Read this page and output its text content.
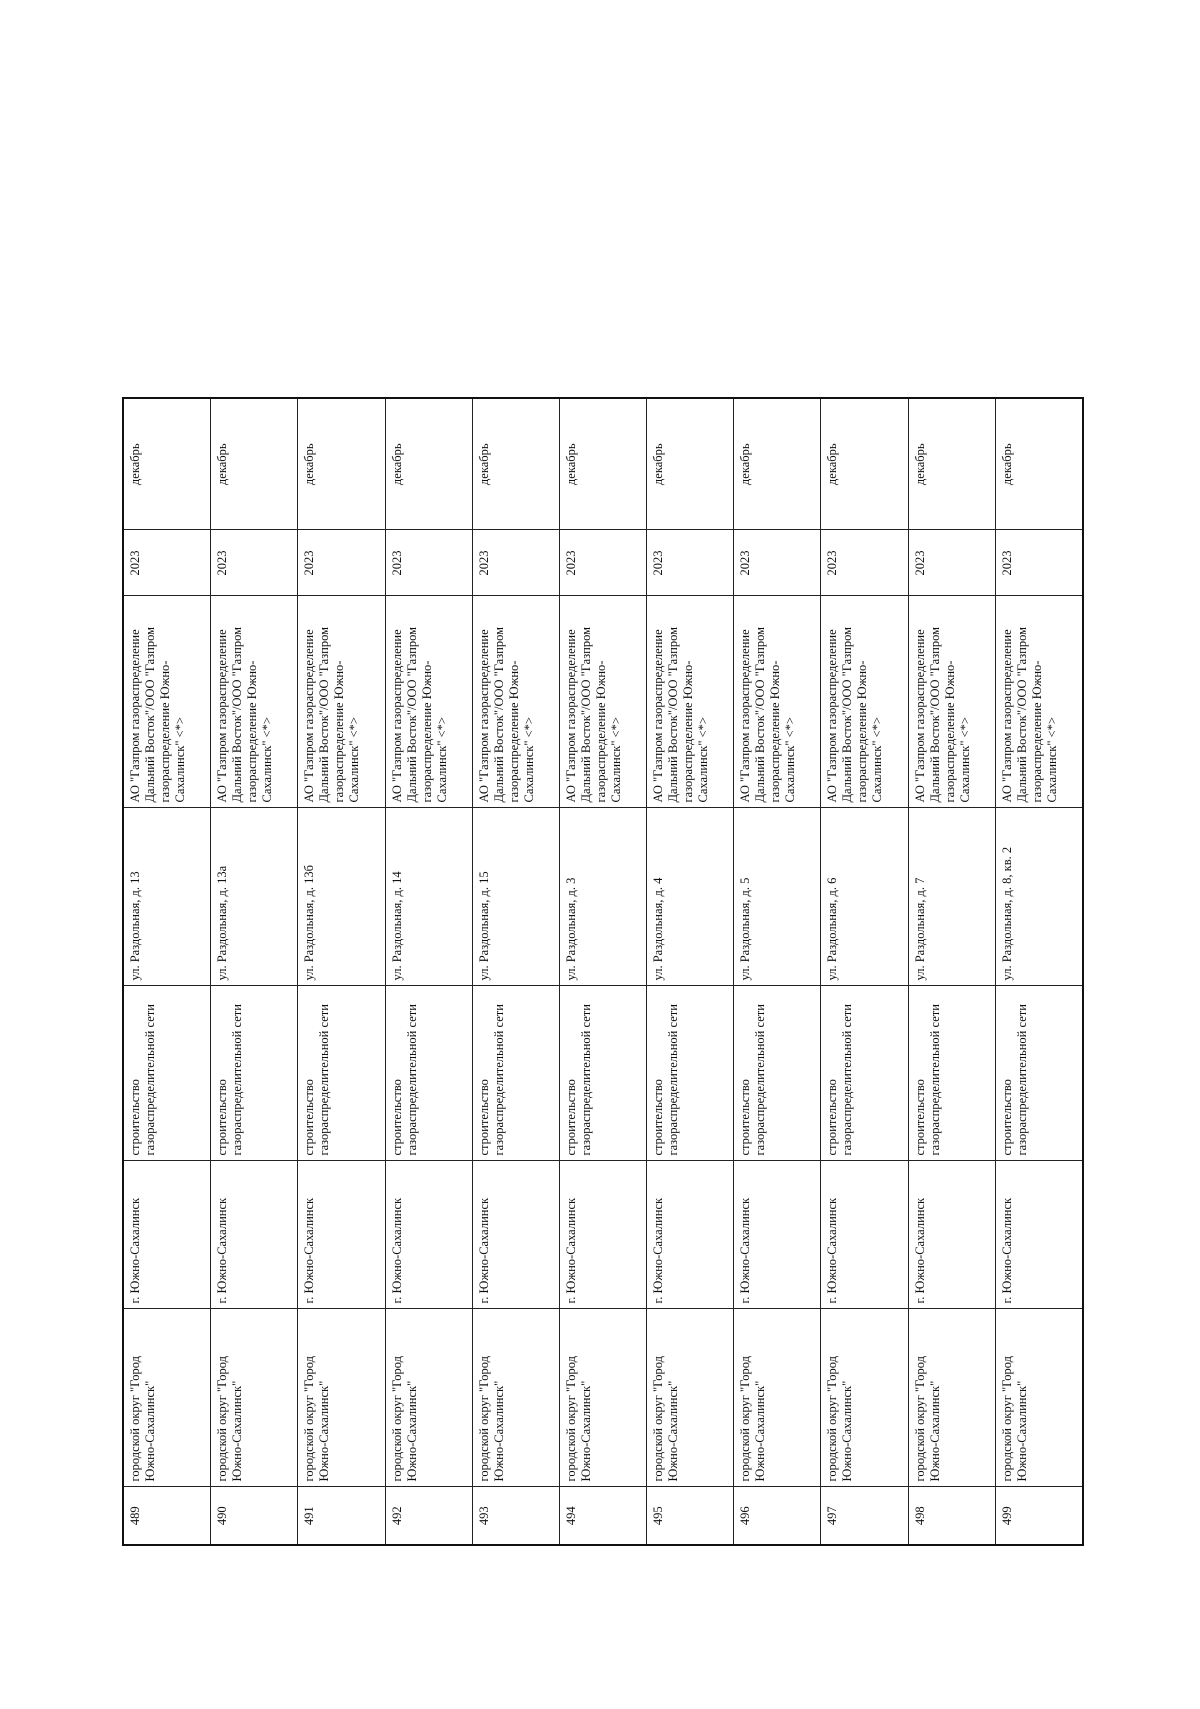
489	городской округ "Город Южно-Сахалинск"	г. Южно-Сахалинск	строительство газораспределительной сети	ул. Раздольная, д. 13	АО "Газпром газораспределение Дальний Восток"/ООО "Газпром газораспределение Южно-Сахалинск" <*>	2023	декабрь
490	городской округ "Город Южно-Сахалинск"	г. Южно-Сахалинск	строительство газораспределительной сети	ул. Раздольная, д. 13а	АО "Газпром газораспределение Дальний Восток"/ООО "Газпром газораспределение Южно-Сахалинск" <*>	2023	декабрь
491	городской округ "Город Южно-Сахалинск"	г. Южно-Сахалинск	строительство газораспределительной сети	ул. Раздольная, д. 13б	АО "Газпром газораспределение Дальний Восток"/ООО "Газпром газораспределение Южно-Сахалинск" <*>	2023	декабрь
492	городской округ "Город Южно-Сахалинск"	г. Южно-Сахалинск	строительство газораспределительной сети	ул. Раздольная, д. 14	АО "Газпром газораспределение Дальний Восток"/ООО "Газпром газораспределение Южно-Сахалинск" <*>	2023	декабрь
493	городской округ "Город Южно-Сахалинск"	г. Южно-Сахалинск	строительство газораспределительной сети	ул. Раздольная, д. 15	АО "Газпром газораспределение Дальний Восток"/ООО "Газпром газораспределение Южно-Сахалинск" <*>	2023	декабрь
494	городской округ "Город Южно-Сахалинск"	г. Южно-Сахалинск	строительство газораспределительной сети	ул. Раздольная, д. 3	АО "Газпром газораспределение Дальний Восток"/ООО "Газпром газораспределение Южно-Сахалинск" <*>	2023	декабрь
495	городской округ "Город Южно-Сахалинск"	г. Южно-Сахалинск	строительство газораспределительной сети	ул. Раздольная, д. 4	АО "Газпром газораспределение Дальний Восток"/ООО "Газпром газораспределение Южно-Сахалинск" <*>	2023	декабрь
496	городской округ "Город Южно-Сахалинск"	г. Южно-Сахалинск	строительство газораспределительной сети	ул. Раздольная, д. 5	АО "Газпром газораспределение Дальний Восток"/ООО "Газпром газораспределение Южно-Сахалинск" <*>	2023	декабрь
497	городской округ "Город Южно-Сахалинск"	г. Южно-Сахалинск	строительство газораспределительной сети	ул. Раздольная, д. 6	АО "Газпром газораспределение Дальний Восток"/ООО "Газпром газораспределение Южно-Сахалинск" <*>	2023	декабрь
498	городской округ "Город Южно-Сахалинск"	г. Южно-Сахалинск	строительство газораспределительной сети	ул. Раздольная, д. 7	АО "Газпром газораспределение Дальний Восток"/ООО "Газпром газораспределение Южно-Сахалинск" <*>	2023	декабрь
499	городской округ "Город Южно-Сахалинск"	г. Южно-Сахалинск	строительство газораспределительной сети	ул. Раздольная, д. 8, кв. 2	АО "Газпром газораспределение Дальний Восток"/ООО "Газпром газораспределение Южно-Сахалинск" <*>	2023	декабрь
